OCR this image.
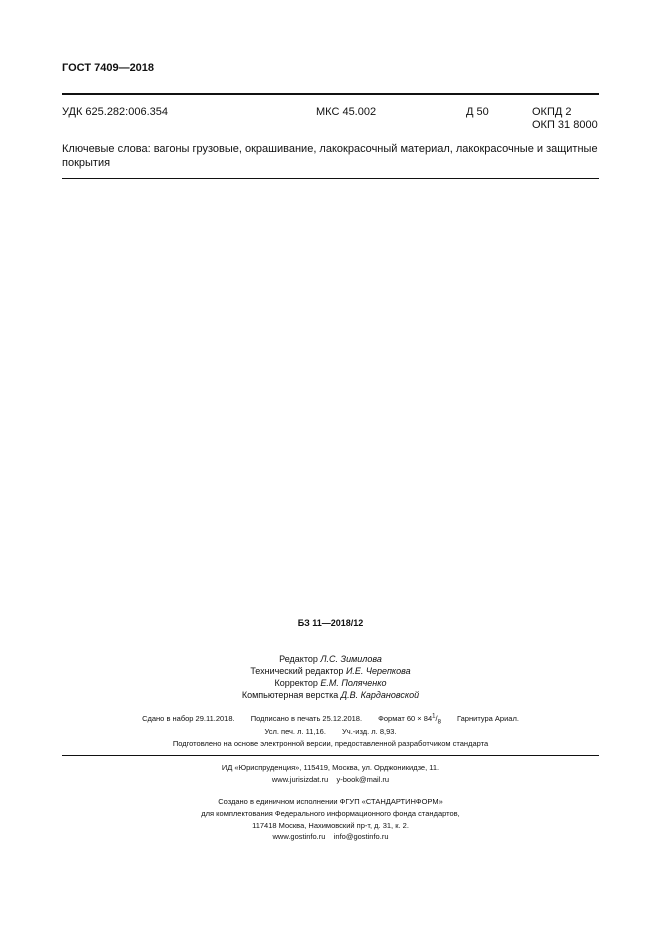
ГОСТ 7409—2018
УДК 625.282:006.354	МКС 45.002	Д 50	ОКПД 2
ОКП 31 8000
Ключевые слова: вагоны грузовые, окрашивание, лакокрасочный материал, лакокрасочные и защитные покрытия
БЗ 11—2018/12
Редактор Л.С. Зимилова
Технический редактор И.Е. Черепкова
Корректор Е.М. Поляченко
Компьютерная верстка Д.В. Кардановской
Сдано в набор 29.11.2018. Подписано в печать 25.12.2018. Формат $60 \times 84^1/_8$ Гарнитура Ариал.
Усл. печ. л. 11,16. Уч.-изд. л. 8,93.
Подготовлено на основе электронной версии, предоставленной разработчиком стандарта
ИД «Юриспруденция», 115419, Москва, ул. Орджоникидзе, 11.
www.jurisizdat.ru    y-book@mail.ru
Создано в единичном исполнении ФГУП «СТАНДАРТИНФОРМ»
для комплектования Федерального информационного фонда стандартов,
117418 Москва, Нахимовский пр-т, д. 31, к. 2.
www.gostinfo.ru    info@gostinfo.ru
